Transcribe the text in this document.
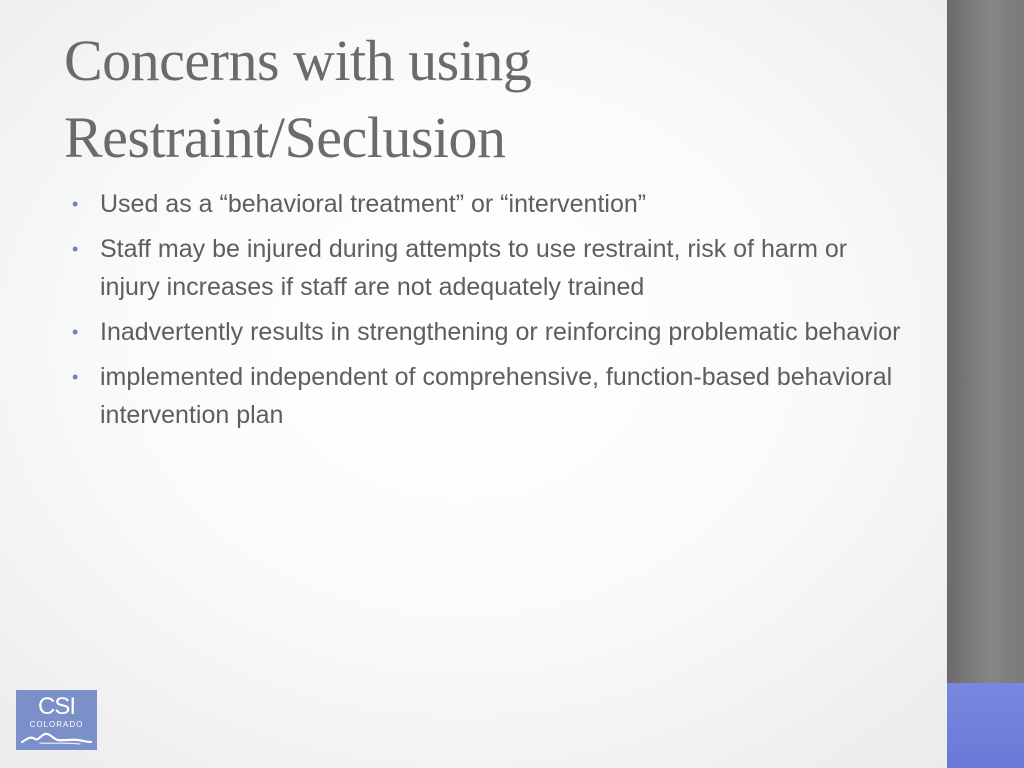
Concerns with using
Restraint/Seclusion
• Used as a “behavioral treatment” or “intervention”
• Staff may be injured during attempts to use restraint, risk of harm or injury increases if staff are not adequately trained
• Inadvertently results in strengthening or reinforcing problematic behavior
• implemented independent of comprehensive, function-based behavioral intervention plan
CSI
COLORADO
